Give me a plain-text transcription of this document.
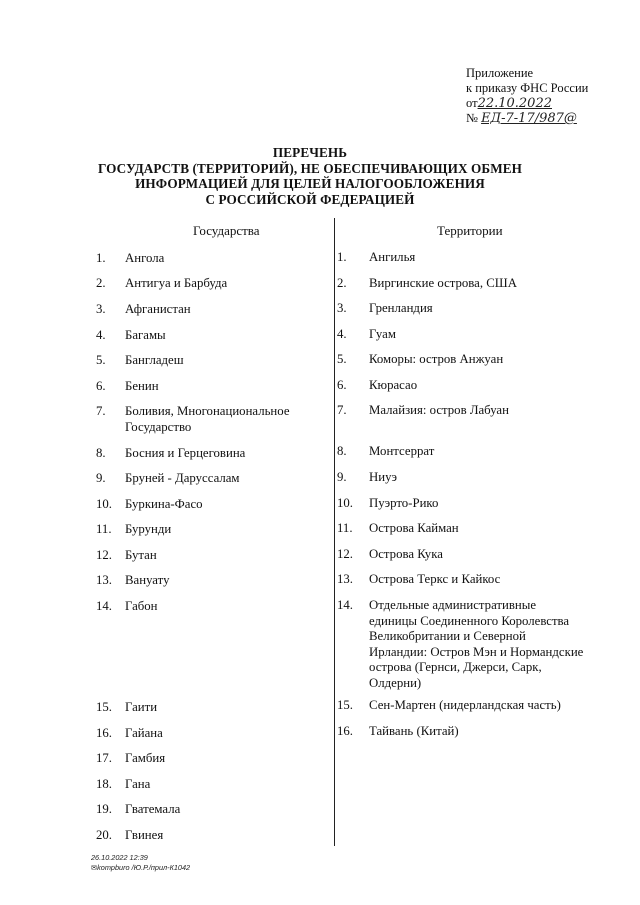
Приложение
к приказу ФНС России
от22.10.2022
№ ЕД-7-17/987@
ПЕРЕЧЕНЬ
ГОСУДАРСТВ (ТЕРРИТОРИЙ), НЕ ОБЕСПЕЧИВАЮЩИХ ОБМЕН
ИНФОРМАЦИЕЙ ДЛЯ ЦЕЛЕЙ НАЛОГООБЛОЖЕНИЯ
С РОССИЙСКОЙ ФЕДЕРАЦИЕЙ
Государства	Территории
1. Ангола
2. Антигуа и Барбуда
3. Афганистан
4. Багамы
5. Бангладеш
6. Бенин
7. Боливия, Многонациональное Государство
8. Босния и Герцеговина
9. Бруней - Даруссалам
10. Буркина-Фасо
11. Бурунди
12. Бутан
13. Вануату
14. Габон
15. Гаити
16. Гайана
17. Гамбия
18. Гана
19. Гватемала
20. Гвинея
1. Ангилья
2. Виргинские острова, США
3. Гренландия
4. Гуам
5. Коморы: остров Анжуан
6. Кюрасао
7. Малайзия: остров Лабуан
8. Монтсеррат
9. Ниуэ
10. Пуэрто-Рико
11. Острова Кайман
12. Острова Кука
13. Острова Теркс и Кайкос
14. Отдельные административные единицы Соединенного Королевства Великобритании и Северной Ирландии: Остров Мэн и Нормандские острова (Гернси, Джерси, Сарк, Олдерни)
15. Сен-Мартен (нидерландская часть)
16. Тайвань (Китай)
26.10.2022 12:39
✉kompburo /Ю.Р./прил-К1042
